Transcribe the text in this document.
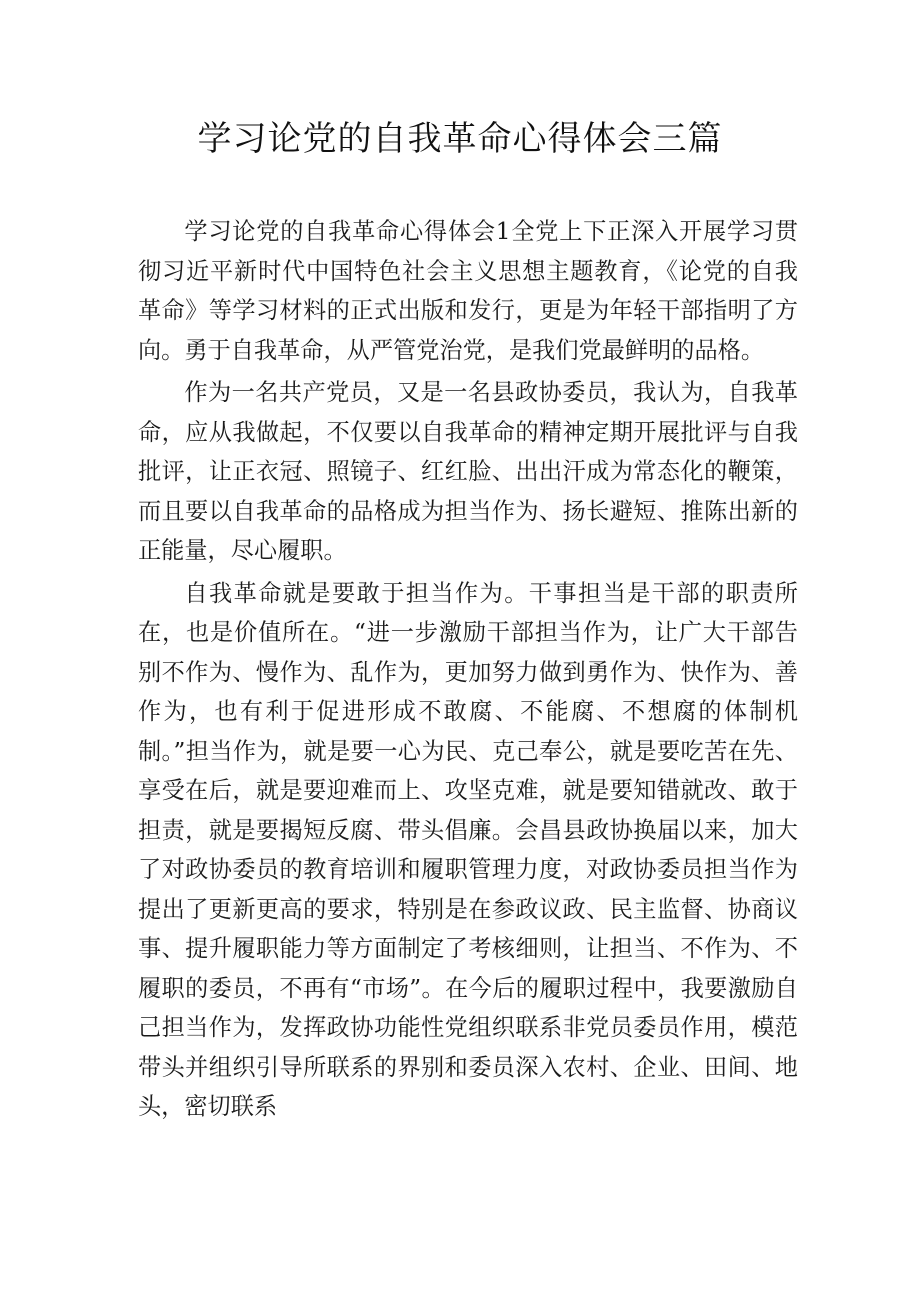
学习论党的自我革命心得体会三篇

学习论党的自我革命心得体会1全党上下正深入开展学习贯彻习近平新时代中国特色社会主义思想主题教育，《论党的自我革命》等学习材料的正式出版和发行，更是为年轻干部指明了方向。勇于自我革命，从严管党治党，是我们党最鲜明的品格。

作为一名共产党员，又是一名县政协委员，我认为，自我革命，应从我做起，不仅要以自我革命的精神定期开展批评与自我批评，让正衣冠、照镜子、红红脸、出出汗成为常态化的鞭策，而且要以自我革命的品格成为担当作为、扬长避短、推陈出新的正能量，尽心履职。

自我革命就是要敢于担当作为。干事担当是干部的职责所在，也是价值所在。“进一步激励干部担当作为，让广大干部告别不作为、慢作为、乱作为，更加努力做到勇作为、快作为、善作为，也有利于促进形成不敢腐、不能腐、不想腐的体制机制。”担当作为，就是要一心为民、克己奉公，就是要吃苦在先、享受在后，就是要迎难而上、攻坚克难，就是要知错就改、敢于担责，就是要揭短反腐、带头倡廉。会昌县政协换届以来，加大了对政协委员的教育培训和履职管理力度，对政协委员担当作为提出了更新更高的要求，特别是在参政议政、民主监督、协商议事、提升履职能力等方面制定了考核细则，让担当、不作为、不履职的委员，不再有“市场”。在今后的履职过程中，我要激励自己担当作为，发挥政协功能性党组织联系非党员委员作用，模范带头并组织引导所联系的界别和委员深入农村、企业、田间、地头，密切联系
